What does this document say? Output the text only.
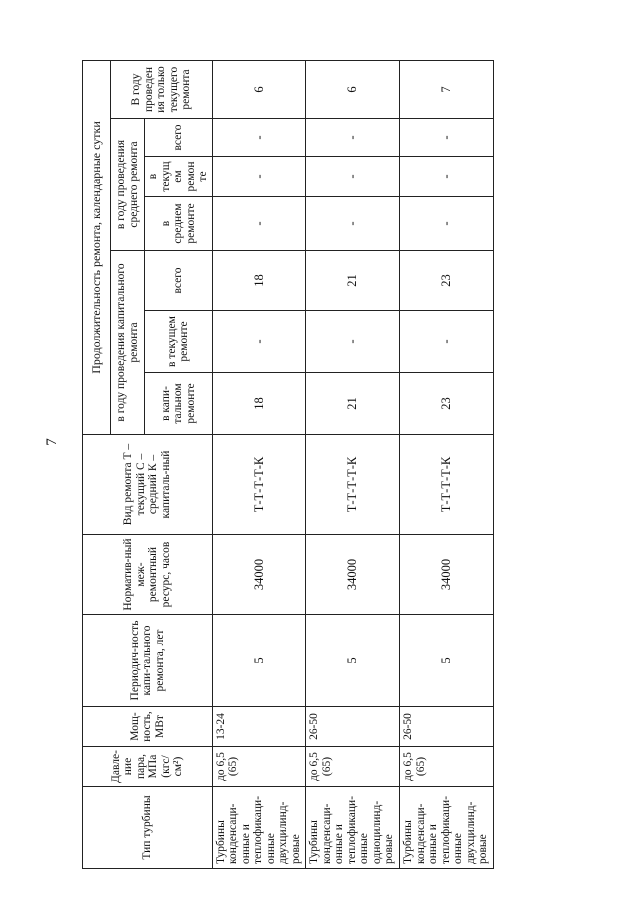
7
Тип турбины	Давле-ние пара, МПа (кгс/ см²)	Мощ-ность, МВт	Периодич-ность капи-тального ремонта, лет	Норматив-ный меж-ремонтный ресурс, часов	Вид ремонта Т – текущий С – средний К – капиталь-ный	Продолжительность ремонта, календарные сутки						
						в году проведения капитального ремонта			в году проведения среднего ремонта			В году проведен ия только текущего ремонта
						в капи-тальном ремонте	в текущем ремонте	всего	в среднем ремонте	в текущ ем ремон те	всего	
Турбины конденсаци-онные и теплофикаци-онные двухцилинд-ровые	до 6,5 (65)	13-24	5	34000	Т-Т-Т-Т-К	18	-	18	-	-	-	6
Турбины конденсаци-онные и теплофикаци-онные одноцилинд-ровые	до 6,5 (65)	26-50	5	34000	Т-Т-Т-Т-К	21	-	21	-	-	-	6
Турбины конденсаци-онные и теплофикаци-онные двухцилинд-ровые	до 6,5 (65)	26-50	5	34000	Т-Т-Т-Т-К	23	-	23	-	-	-	7
